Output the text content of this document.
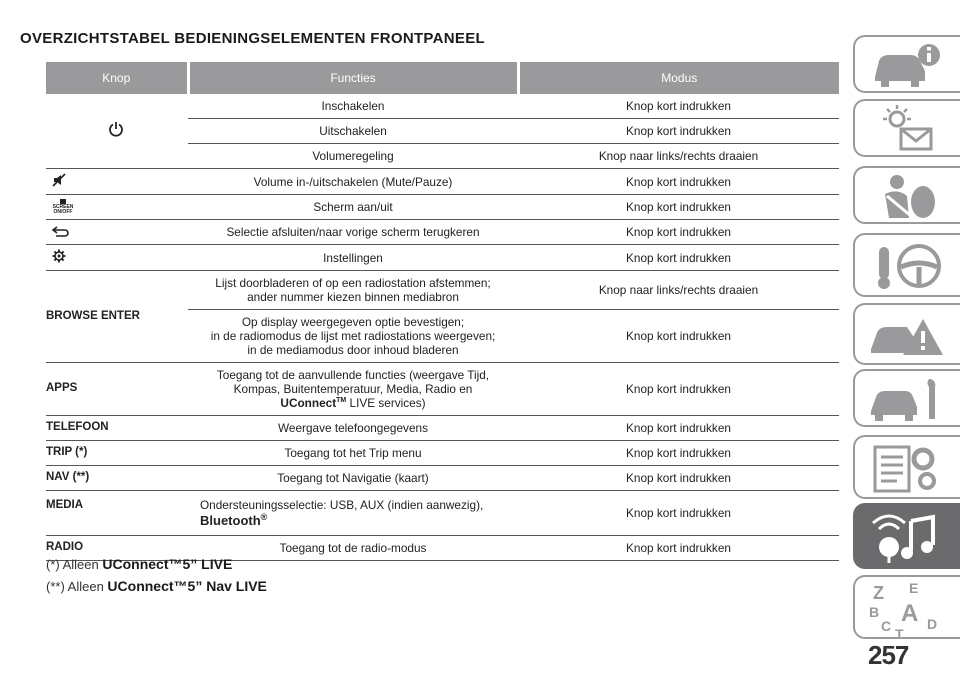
OVERZICHTSTABEL BEDIENINGSELEMENTEN FRONTPANEEL
Knop	Functies	Modus
	Inschakelen	Knop kort indrukken
	Uitschakelen	Knop kort indrukken
	Volumeregeling	Knop naar links/rechts draaien
	Volume in-/uitschakelen (Mute/Pauze)	Knop kort indrukken

SCREEN ON/OFF	Scherm aan/uit	Knop kort indrukken
	Selectie afsluiten/naar vorige scherm terugkeren	Knop kort indrukken
	Instellingen	Knop kort indrukken
BROWSE ENTER	Lijst doorbladeren of op een radiostation afstemmen;
ander nummer kiezen binnen mediabron	Knop naar links/rechts draaien
	Op display weergegeven optie bevestigen;
in de radiomodus de lijst met radiostations weergeven;
in de mediamodus door inhoud bladeren	Knop kort indrukken
APPS	Toegang tot de aanvullende functies (weergave Tijd,
Kompas, Buitentemperatuur, Media, Radio en
UConnect™ LIVE services)	Knop kort indrukken
TELEFOON	Weergave telefoongegevens	Knop kort indrukken
TRIP (*)	Toegang tot het Trip menu	Knop kort indrukken
NAV (**)	Toegang tot Navigatie (kaart)	Knop kort indrukken
MEDIA	Ondersteuningsselectie: USB, AUX (indien aanwezig),
Bluetooth®	Knop kort indrukken
RADIO	Toegang tot de radio-modus	Knop kort indrukken
(*) Alleen UConnect™5” LIVE
(**) Alleen UConnect™5” Nav LIVE	Z E
B A
C	D
T
257
